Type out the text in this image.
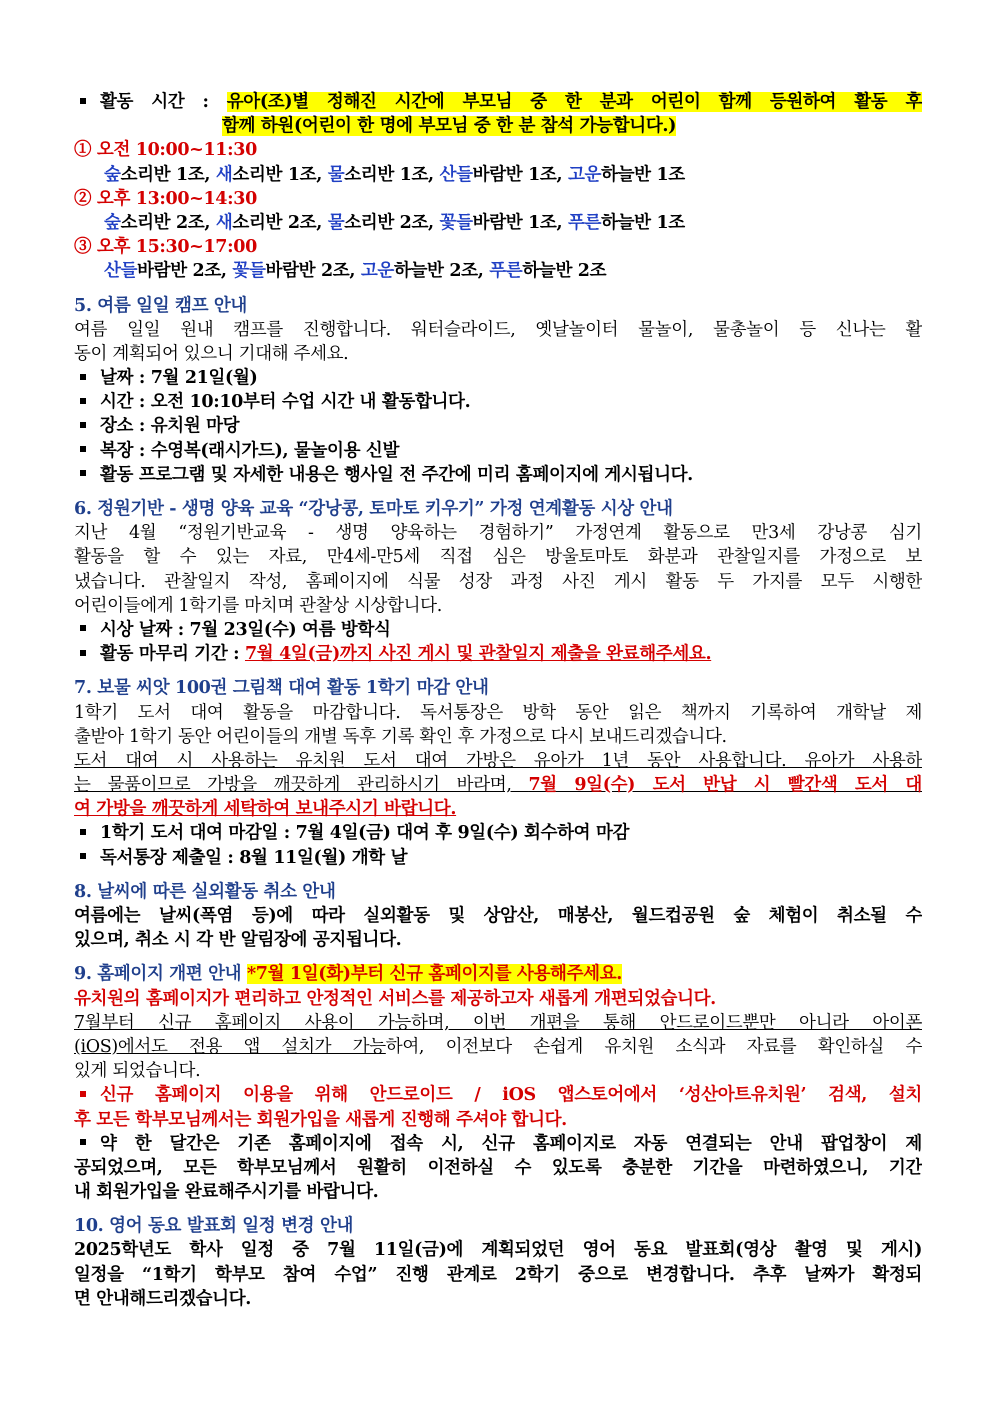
활동 시간 : 유아(조)별 정해진 시간에 부모님 중 한 분과 어린이 함께 등원하여 활동 후
함께 하원(어린이 한 명에 부모님 중 한 분 참석 가능합니다.)
① 오전 10:00~11:30
숲소리반 1조, 새소리반 1조, 물소리반 1조, 산들바람반 1조, 고운하늘반 1조
② 오후 13:00~14:30
숲소리반 2조, 새소리반 2조, 물소리반 2조, 꽃들바람반 1조, 푸른하늘반 1조
③ 오후 15:30~17:00
산들바람반 2조, 꽃들바람반 2조, 고운하늘반 2조, 푸른하늘반 2조
5. 여름 일일 캠프 안내
여름 일일 원내 캠프를 진행합니다. 워터슬라이드, 옛날놀이터 물놀이, 물총놀이 등 신나는 활
동이 계획되어 있으니 기대해 주세요.
날짜 : 7월 21일(월)
시간 : 오전 10:10부터 수업 시간 내 활동합니다.
장소 : 유치원 마당
복장 : 수영복(래시가드), 물놀이용 신발
활동 프로그램 및 자세한 내용은 행사일 전 주간에 미리 홈페이지에 게시됩니다.
6. 정원기반 - 생명 양육 교육 “강낭콩, 토마토 키우기” 가정 연계활동 시상 안내
지난 4월 “정원기반교육 - 생명 양육하는 경험하기” 가정연계 활동으로 만3세 강낭콩 심기
활동을 할 수 있는 자료, 만4세-만5세 직접 심은 방울토마토 화분과 관찰일지를 가정으로 보
냈습니다. 관찰일지 작성, 홈페이지에 식물 성장 과정 사진 게시 활동 두 가지를 모두 시행한
어린이들에게 1학기를 마치며 관찰상 시상합니다.
시상 날짜 : 7월 23일(수) 여름 방학식
활동 마무리 기간 : 7월 4일(금)까지 사진 게시 및 관찰일지 제출을 완료해주세요.
7. 보물 씨앗 100권 그림책 대여 활동 1학기 마감 안내
1학기 도서 대여 활동을 마감합니다. 독서통장은 방학 동안 읽은 책까지 기록하여 개학날 제
출받아 1학기 동안 어린이들의 개별 독후 기록 확인 후 가정으로 다시 보내드리겠습니다.
도서 대여 시 사용하는 유치원 도서 대여 가방은 유아가 1년 동안 사용합니다. 유아가 사용하
는 물품이므로 가방을 깨끗하게 관리하시기 바라며, 7월 9일(수) 도서 반납 시 빨간색 도서 대
여 가방을 깨끗하게 세탁하여 보내주시기 바랍니다.
1학기 도서 대여 마감일 : 7월 4일(금) 대여 후 9일(수) 회수하여 마감
독서통장 제출일 : 8월 11일(월) 개학 날
8. 날씨에 따른 실외활동 취소 안내
여름에는 날씨(폭염 등)에 따라 실외활동 및 상암산, 매봉산, 월드컵공원 숲 체험이 취소될 수
있으며, 취소 시 각 반 알림장에 공지됩니다.
9. 홈페이지 개편 안내 *7월 1일(화)부터 신규 홈페이지를 사용해주세요.
유치원의 홈페이지가 편리하고 안정적인 서비스를 제공하고자 새롭게 개편되었습니다.
7월부터 신규 홈페이지 사용이 가능하며, 이번 개편을 통해 안드로이드뿐만 아니라 아이폰
(iOS)에서도 전용 앱 설치가 가능하여, 이전보다 손쉽게 유치원 소식과 자료를 확인하실 수
있게 되었습니다.
신규 홈페이지 이용을 위해 안드로이드 / iOS 앱스토어에서 ‘성산아트유치원’ 검색, 설치
후 모든 학부모님께서는 회원가입을 새롭게 진행해 주셔야 합니다.
약 한 달간은 기존 홈페이지에 접속 시, 신규 홈페이지로 자동 연결되는 안내 팝업창이 제
공되었으며, 모든 학부모님께서 원활히 이전하실 수 있도록 충분한 기간을 마련하였으니, 기간
내 회원가입을 완료해주시기를 바랍니다.
10. 영어 동요 발표회 일정 변경 안내
2025학년도 학사 일정 중 7월 11일(금)에 계획되었던 영어 동요 발표회(영상 촬영 및 게시)
일정을 “1학기 학부모 참여 수업” 진행 관계로 2학기 중으로 변경합니다. 추후 날짜가 확정되
면 안내해드리겠습니다.
